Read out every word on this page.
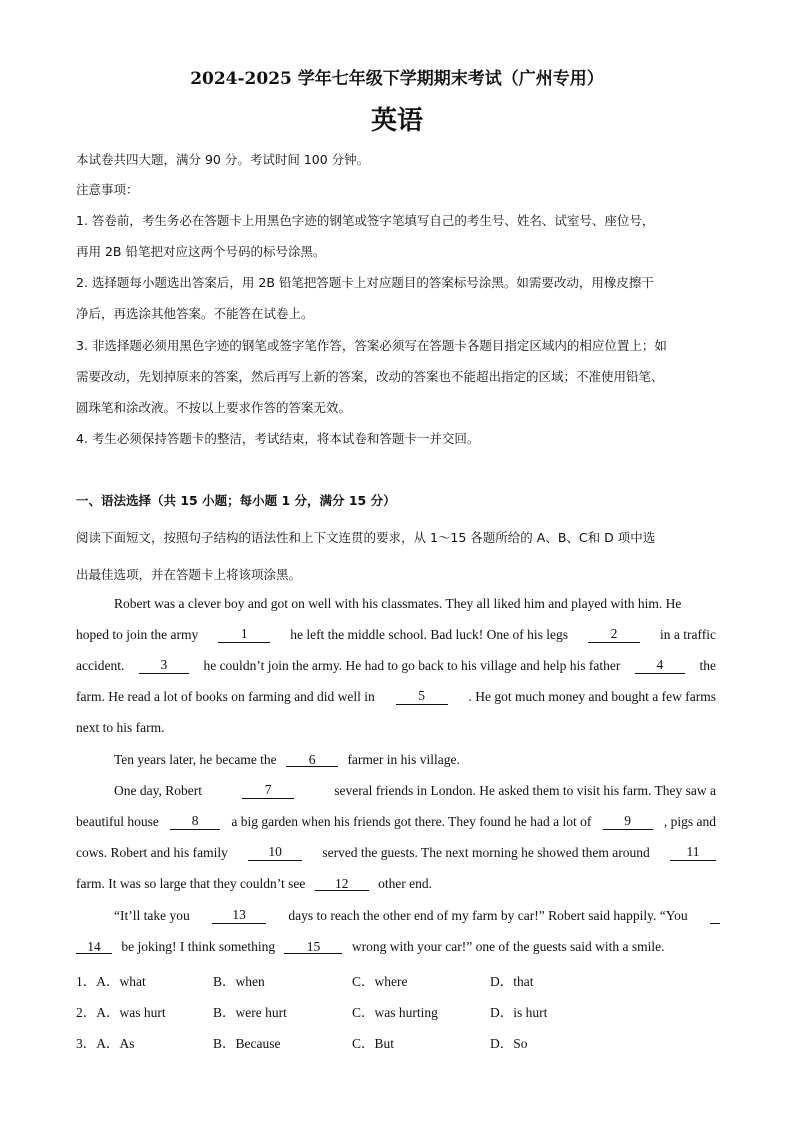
2024-2025 学年七年级下学期期末考试（广州专用）
英语
本试卷共四大题，满分 90 分。考试时间 100 分钟。
注意事项：
1. 答卷前，考生务必在答题卡上用黑色字迹的钢笔或签字笔填写自己的考生号、姓名、试室号、座位号，
再用 2B 铅笔把对应这两个号码的标号涂黑。
2. 选择题每小题选出答案后，用 2B 铅笔把答题卡上对应题目的答案标号涂黑。如需要改动，用橡皮擦干
净后，再选涂其他答案。不能答在试卷上。
3. 非选择题必须用黑色字迹的钢笔或签字笔作答，答案必须写在答题卡各题目指定区域内的相应位置上；如
需要改动，先划掉原来的答案，然后再写上新的答案，改动的答案也不能超出指定的区域；不准使用铅笔、
圆珠笔和涂改液。不按以上要求作答的答案无效。
4. 考生必须保持答题卡的整洁，考试结束，将本试卷和答题卡一并交回。
一、语法选择（共 15 小题；每小题 1 分，满分 15 分）
阅读下面短文，按照句子结构的语法性和上下文连贯的要求，从 1～15 各题所给的 A、B、C和 D 项中选
出最佳选项，并在答题卡上将该项涂黑。
Robert was a clever boy and got on well with his classmates. They all liked him and played with him. He
hoped to join the army	1	he left the middle school. Bad luck! One of his legs	2	in a traffic
accident.	3	he couldn’t join the army. He had to go back to his village and help his father	4	the
farm. He read a lot of books on farming and did well in	5	. He got much money and bought a few farms
next to his farm.
Ten years later, he became the 6 farmer in his village.
One day, Robert	7	several friends in London. He asked them to visit his farm. They saw a
beautiful house	8	a big garden when his friends got there. They found he had a lot of	9	, pigs and
cows. Robert and his family	10	served the guests. The next morning he showed them around	11
farm. It was so large that they couldn’t see 12 other end.
“It’ll take you	13	days to reach the other end of my farm by car!” Robert said happily. “You
14 be joking! I think something 15 wrong with your car!” one of the guests said with a smile.
1．A．what	B．when	C．where	D．that
2．A．was hurt	B．were hurt	C．was hurting	D．is hurt
3．A．As	B．Because	C．But	D．So
